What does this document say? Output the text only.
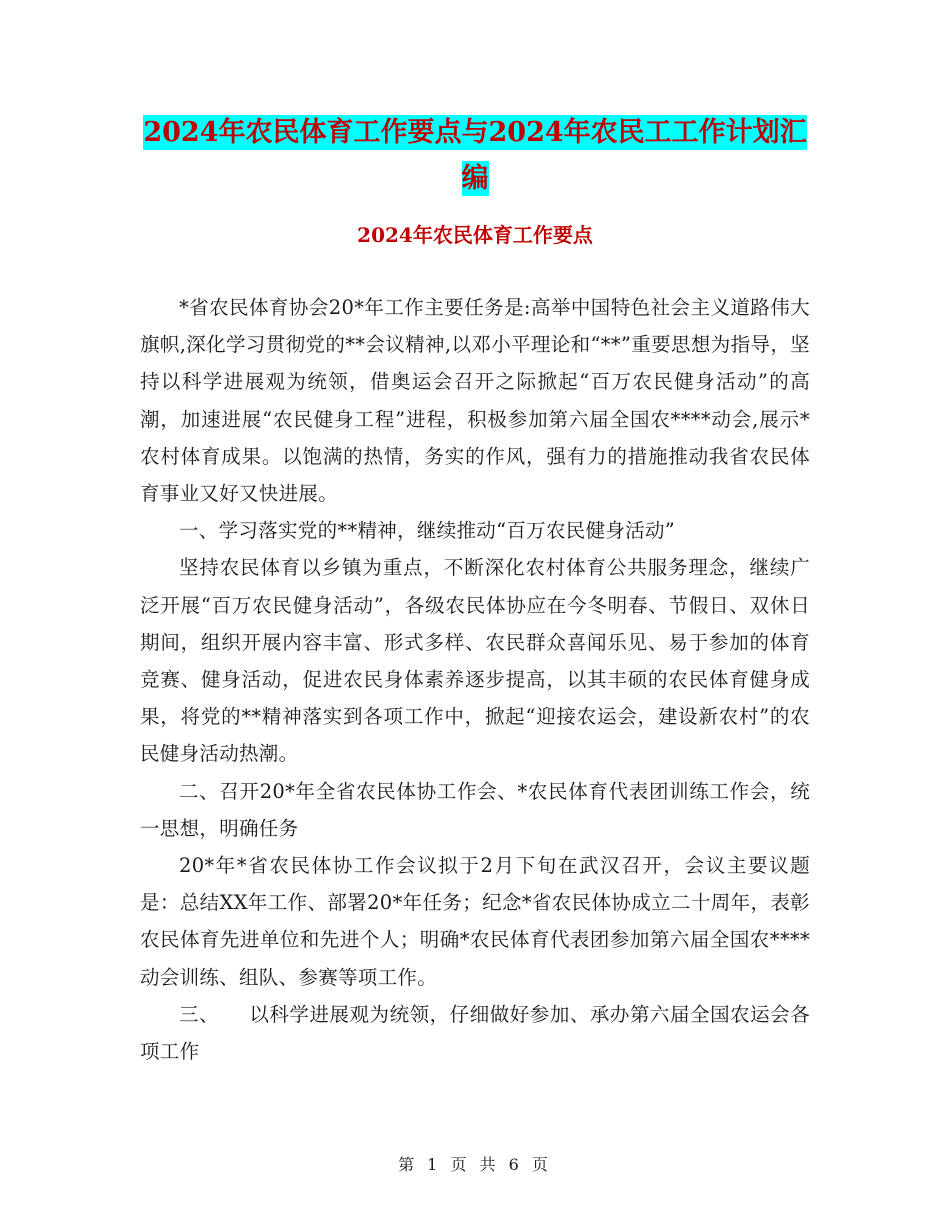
2024年农民体育工作要点与2024年农民工工作计划汇编
2024年农民体育工作要点

*省农民体育协会20*年工作主要任务是:高举中国特色社会主义道路伟大旗帜,深化学习贯彻党的**会议精神,以邓小平理论和“**”重要思想为指导，坚持以科学进展观为统领，借奥运会召开之际掀起“百万农民健身活动”的高潮，加速进展“农民健身工程”进程，积极参加第六届全国农****动会,展示*农村体育成果。以饱满的热情，务实的作风，强有力的措施推动我省农民体育事业又好又快进展。

一、学习落实党的**精神，继续推动“百万农民健身活动”

坚持农民体育以乡镇为重点，不断深化农村体育公共服务理念，继续广泛开展“百万农民健身活动”，各级农民体协应在今冬明春、节假日、双休日期间，组织开展内容丰富、形式多样、农民群众喜闻乐见、易于参加的体育竞赛、健身活动，促进农民身体素养逐步提高，以其丰硕的农民体育健身成果，将党的**精神落实到各项工作中，掀起“迎接农运会，建设新农村”的农民健身活动热潮。

二、召开20*年全省农民体协工作会、*农民体育代表团训练工作会，统一思想，明确任务

20*年*省农民体协工作会议拟于2月下旬在武汉召开，会议主要议题是：总结XX年工作、部署20*年任务；纪念*省农民体协成立二十周年，表彰农民体育先进单位和先进个人；明确*农民体育代表团参加第六届全国农****动会训练、组队、参赛等项工作。

三、　　以科学进展观为统领，仔细做好参加、承办第六届全国农运会各项工作

第 1 页 共 6 页
